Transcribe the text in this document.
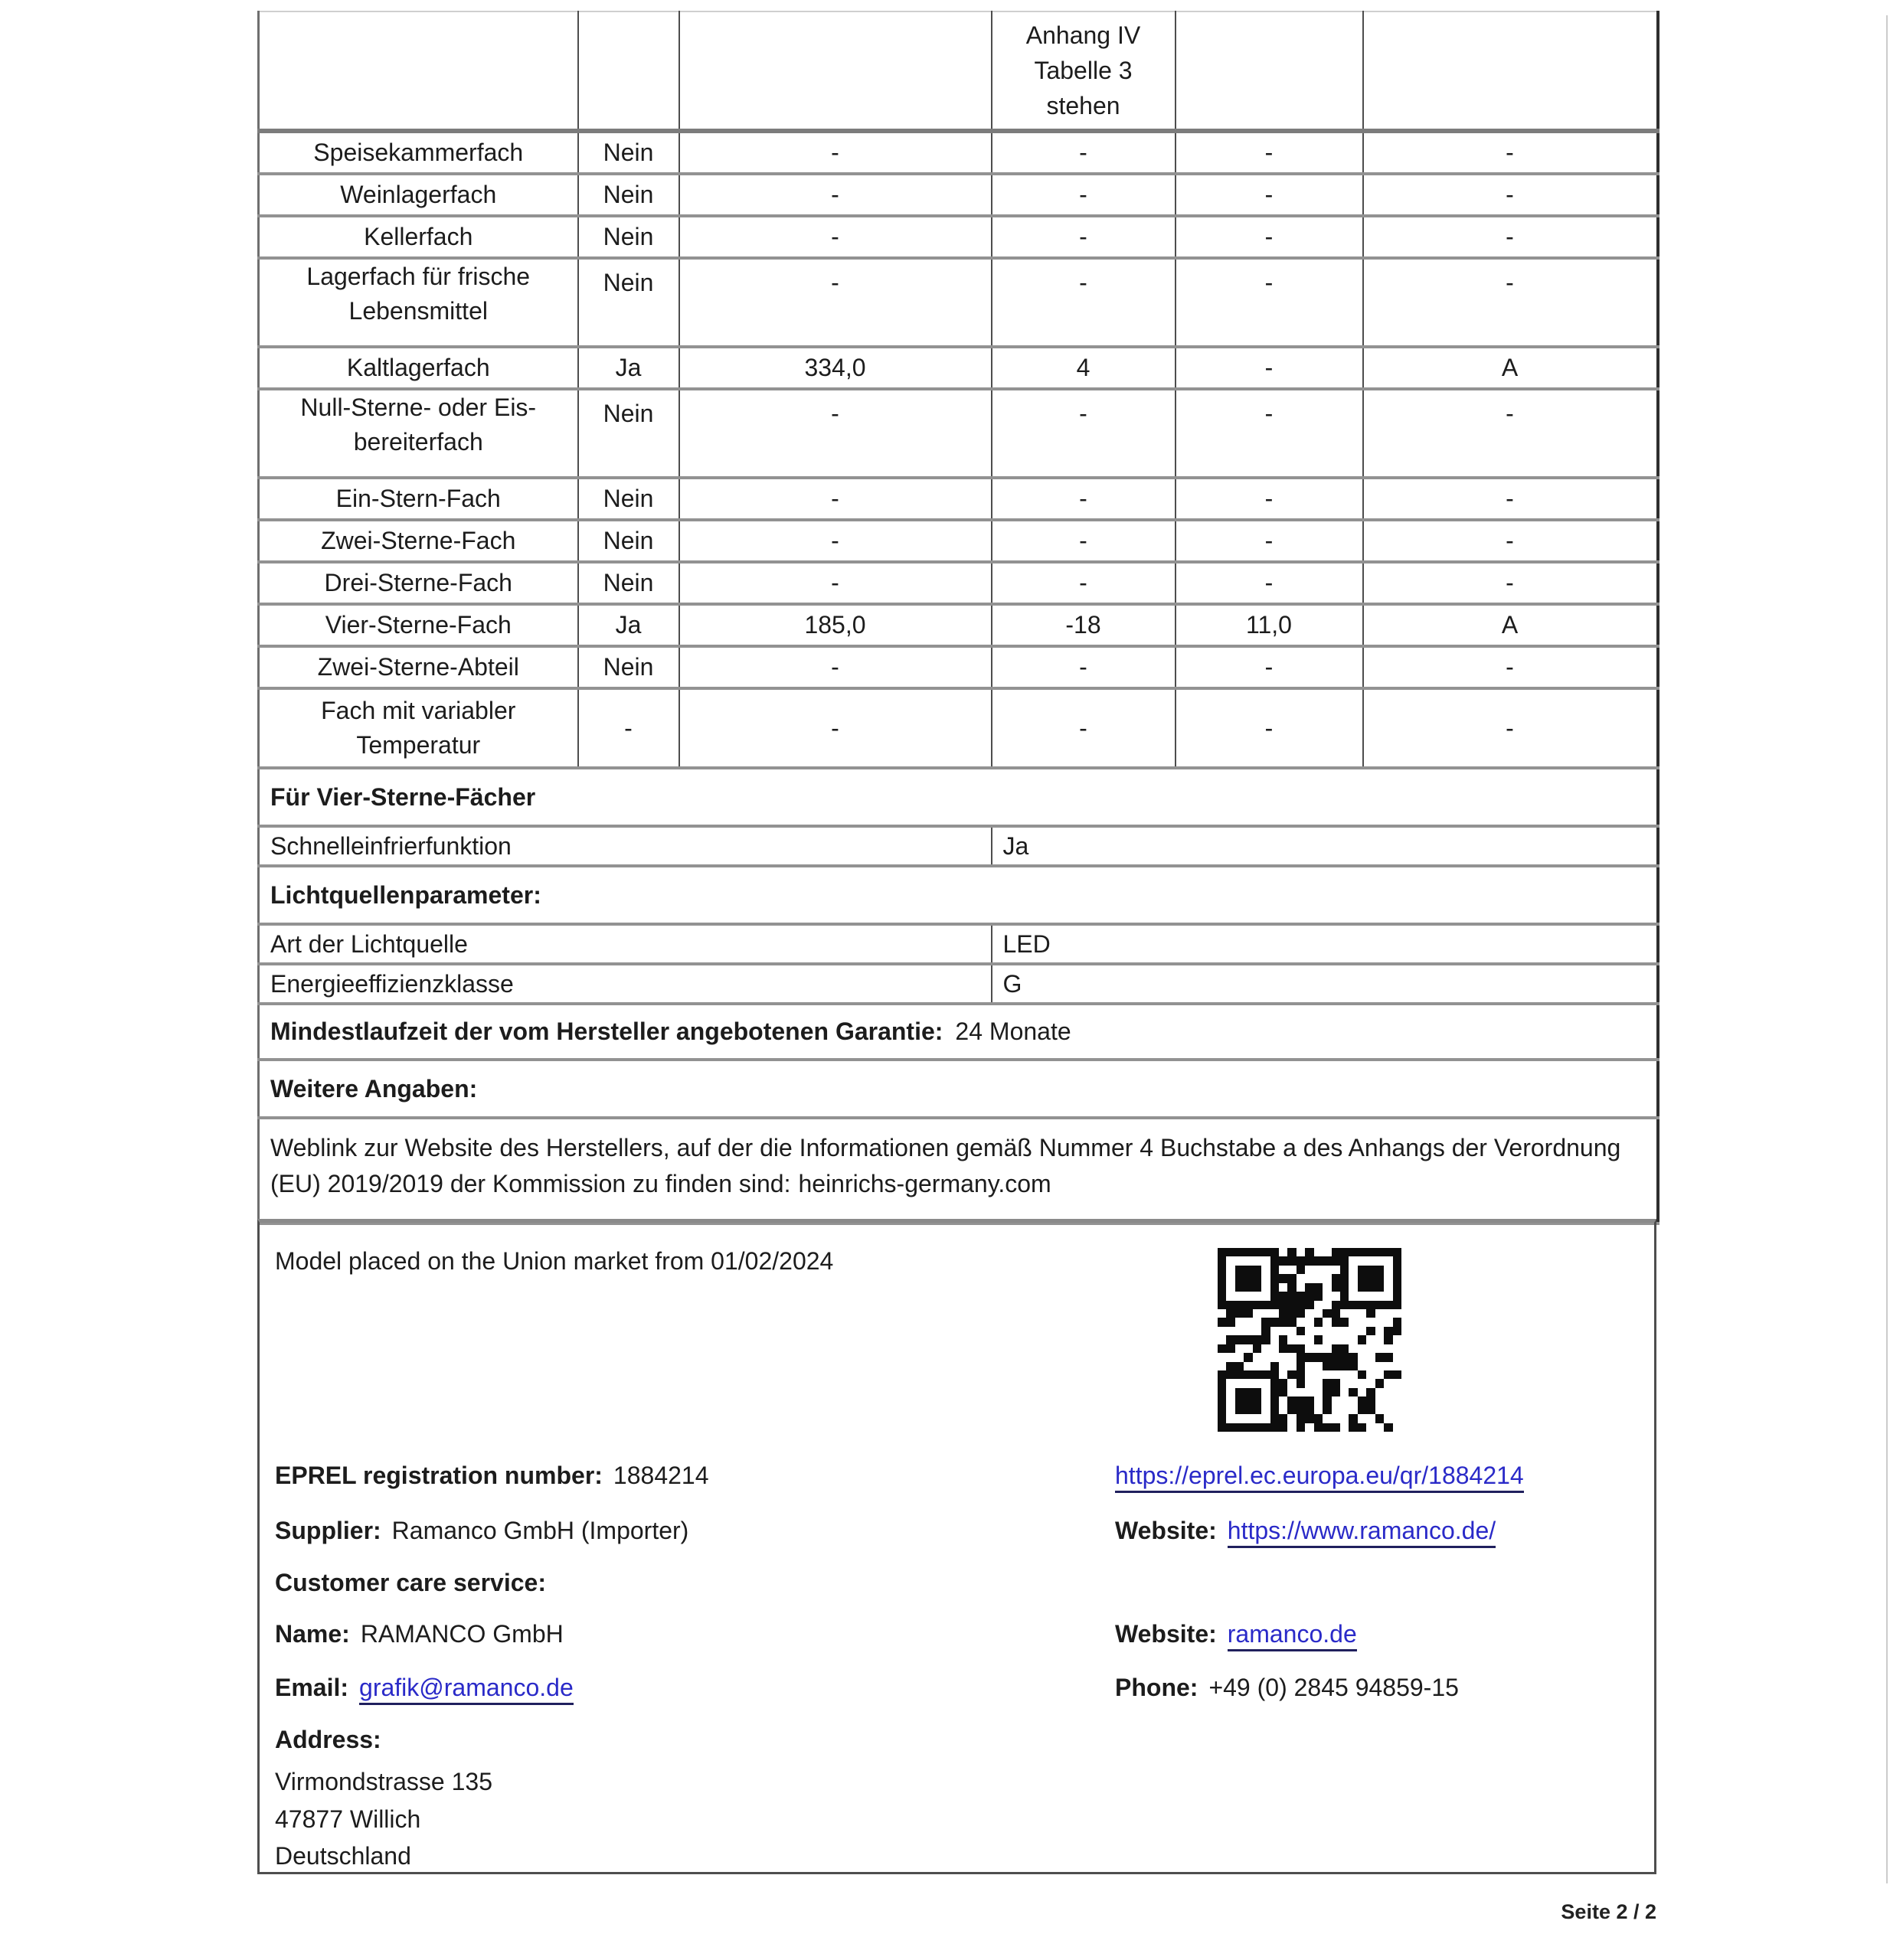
			Anhang IV
Tabelle 3
stehen		

Speisekammerfach	Nein	-	-	-	-
Weinlagerfach	Nein	-	-	-	-
Kellerfach	Nein	-	-	-	-
Lagerfach für frische Lebensmittel	Nein	-	-	-	-
Kaltlagerfach	Ja	334,0	4	-	A
Null-Sterne- oder Eis-bereiterfach	Nein	-	-	-	-
Ein-Stern-Fach	Nein	-	-	-	-
Zwei-Sterne-Fach	Nein	-	-	-	-
Drei-Sterne-Fach	Nein	-	-	-	-
Vier-Sterne-Fach	Ja	185,0	-18	11,0	A
Zwei-Sterne-Abteil	Nein	-	-	-	-
Fach mit variabler Temperatur	-	-	-	-	-
Für Vier-Sterne-Fächer					
Schnelleinfrierfunktion			Ja		
Lichtquellenparameter:					
Art der Lichtquelle			LED		
Energieeffizienzklasse			G		
Mindestlaufzeit der vom Hersteller angebotenen Garantie: 24 Monate					
Weitere Angaben:					
Weblink zur Website des Herstellers, auf der die Informationen gemäß Nummer 4 Buchstabe a des Anhangs der Verordnung (EU) 2019/2019 der Kommission zu finden sind: heinrichs-germany.com					
Model placed on the Union market from 01/02/2024
EPREL registration number: 1884214	https://eprel.ec.europa.eu/qr/1884214
Supplier: Ramanco GmbH (Importer)	Website: https://www.ramanco.de/
Customer care service:
Name: RAMANCO GmbH	Website: ramanco.de
Email: grafik@ramanco.de	Phone: +49 (0) 2845 94859-15
Address:
Virmondstrasse 135
47877 Willich
Deutschland
Seite 2 / 2
